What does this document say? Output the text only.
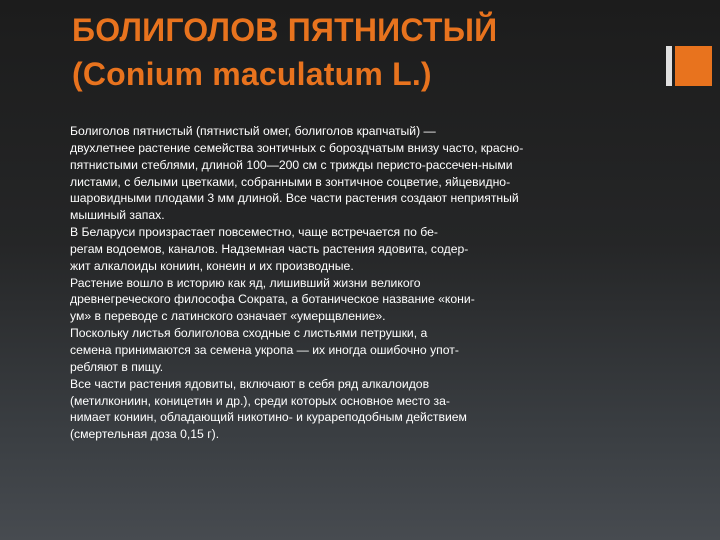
БОЛИГОЛОВ ПЯТНИСТЫЙ
(Conium maculatum L.)
Болиголов пятнистый (пятнистый омег, болиголов крапчатый) —
двухлетнее растение семейства зонтичных с бороздчатым внизу часто, красно-
пятнистыми стеблями, длиной 100—200 см с трижды перисто-рассечен-ными
листами, с белыми цветками, собранными в зонтичное соцветие, яйцевидно-
шаровидными плодами 3 мм длиной. Все части растения создают неприятный
мышиный запах.
В Беларуси произрастает повсеместно, чаще встречается по бе-
регам водоемов, каналов. Надземная часть растения ядовита, содер-
жит алкалоиды кониин, конеин и их производные.
Растение вошло в историю как яд, лишивший жизни великого
древнегреческого философа Сократа, а ботаническое название «кони-
ум» в переводе с латинского означает «умерщвление».
Поскольку листья болиголова сходные с листьями петрушки, а
семена принимаются за семена укропа — их иногда ошибочно упот-
ребляют в пищу.
Все части растения ядовиты, включают в себя ряд алкалоидов
(метилкониин, коницетин и др.), среди которых основное место за-
нимает кониин, обладающий никотино- и курареподобным действием
(смертельная доза 0,15 г).
